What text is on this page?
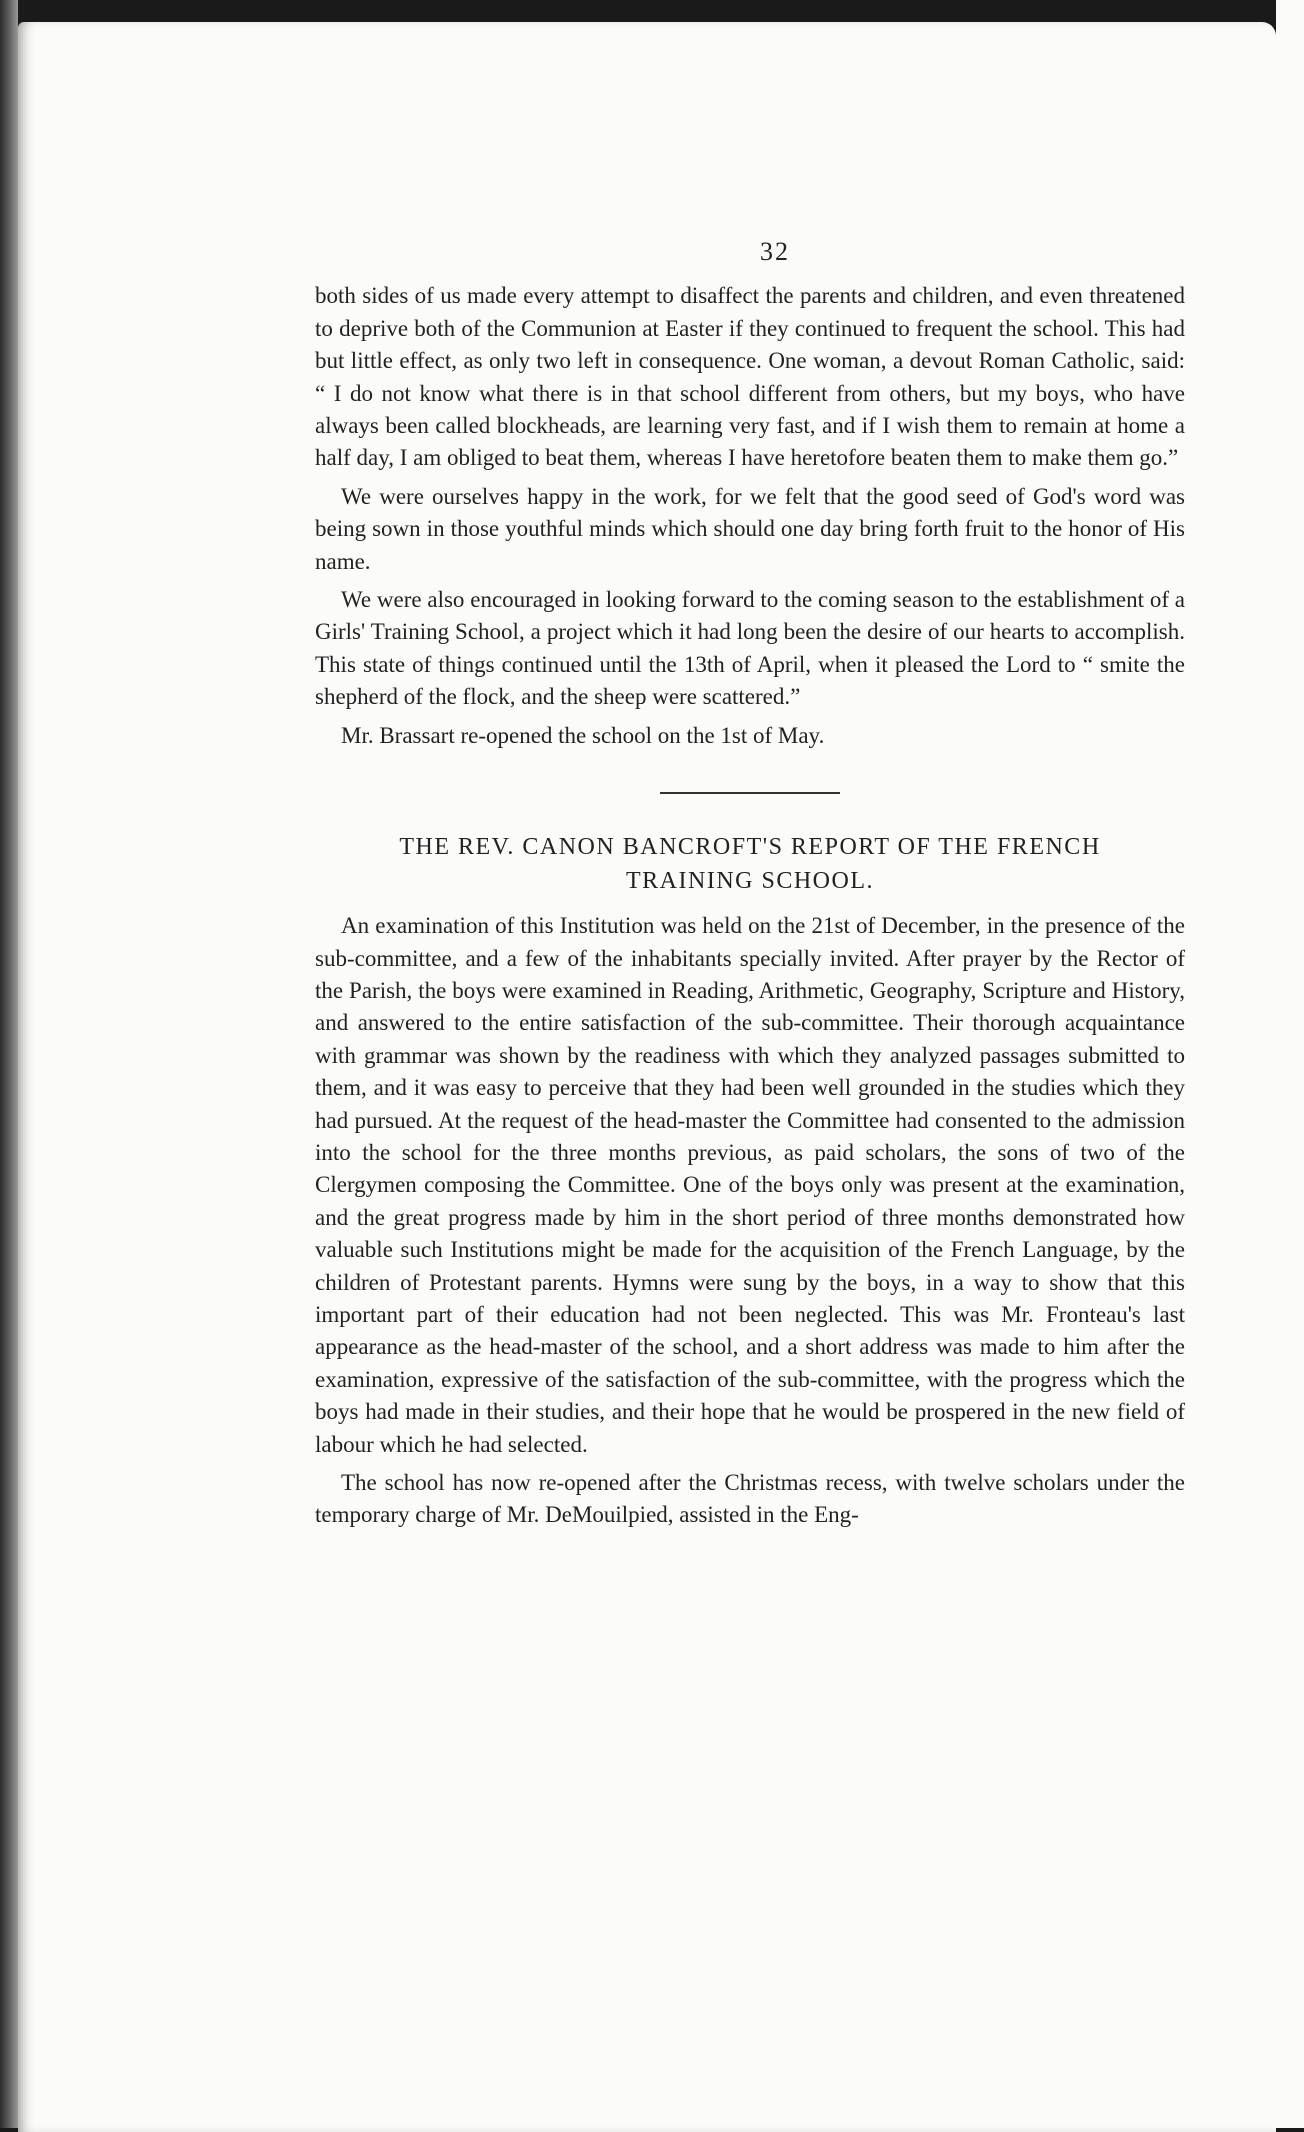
32

both sides of us made every attempt to disaffect the parents and children, and even threatened to deprive both of the Communion at Easter if they continued to frequent the school. This had but little effect, as only two left in consequence. One woman, a devout Roman Catholic, said: “ I do not know what there is in that school different from others, but my boys, who have always been called blockheads, are learning very fast, and if I wish them to remain at home a half day, I am obliged to beat them, whereas I have heretofore beaten them to make them go.”

We were ourselves happy in the work, for we felt that the good seed of God's word was being sown in those youthful minds which should one day bring forth fruit to the honor of His name.

We were also encouraged in looking forward to the coming season to the establishment of a Girls' Training School, a project which it had long been the desire of our hearts to accomplish. This state of things continued until the 13th of April, when it pleased the Lord to “ smite the shepherd of the flock, and the sheep were scattered.”

Mr. Brassart re-opened the school on the 1st of May.

THE REV. CANON BANCROFT'S REPORT OF THE FRENCH
TRAINING SCHOOL.

An examination of this Institution was held on the 21st of December, in the presence of the sub-committee, and a few of the inhabitants specially invited. After prayer by the Rector of the Parish, the boys were examined in Reading, Arithmetic, Geography, Scripture and History, and answered to the entire satisfaction of the sub-committee. Their thorough acquaintance with grammar was shown by the readiness with which they analyzed passages submitted to them, and it was easy to perceive that they had been well grounded in the studies which they had pursued. At the request of the head-master the Committee had consented to the admission into the school for the three months previous, as paid scholars, the sons of two of the Clergymen composing the Committee. One of the boys only was present at the examination, and the great progress made by him in the short period of three months demonstrated how valuable such Institutions might be made for the acquisition of the French Language, by the children of Protestant parents. Hymns were sung by the boys, in a way to show that this important part of their education had not been neglected. This was Mr. Fronteau's last appearance as the head-master of the school, and a short address was made to him after the examination, expressive of the satisfaction of the sub-committee, with the progress which the boys had made in their studies, and their hope that he would be prospered in the new field of labour which he had selected.

The school has now re-opened after the Christmas recess, with twelve scholars under the temporary charge of Mr. DeMouilpied, assisted in the Eng-
